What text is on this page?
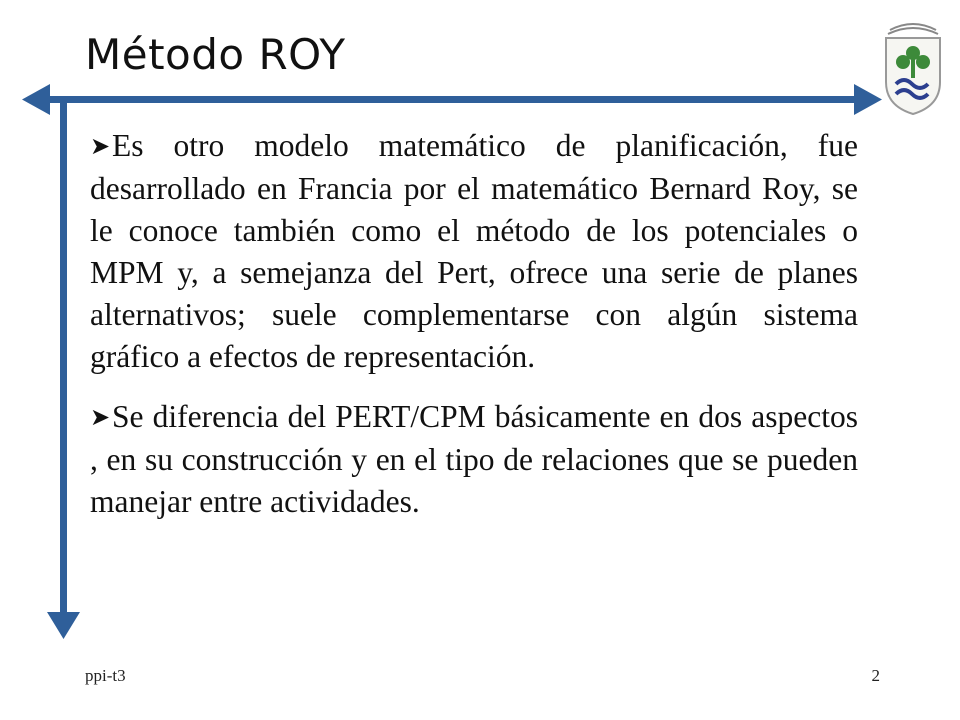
Método ROY

➤Es otro modelo matemático de planificación, fue desarrollado en Francia por el matemático Bernard Roy, se le conoce también como el método de los potenciales o MPM y, a semejanza del Pert, ofrece una serie de planes alternativos; suele complementarse con algún sistema gráfico a efectos de representación.

➤Se diferencia del PERT/CPM básicamente en dos aspectos , en su construcción y en el tipo de relaciones que se pueden manejar entre actividades.

ppi-t3	2
